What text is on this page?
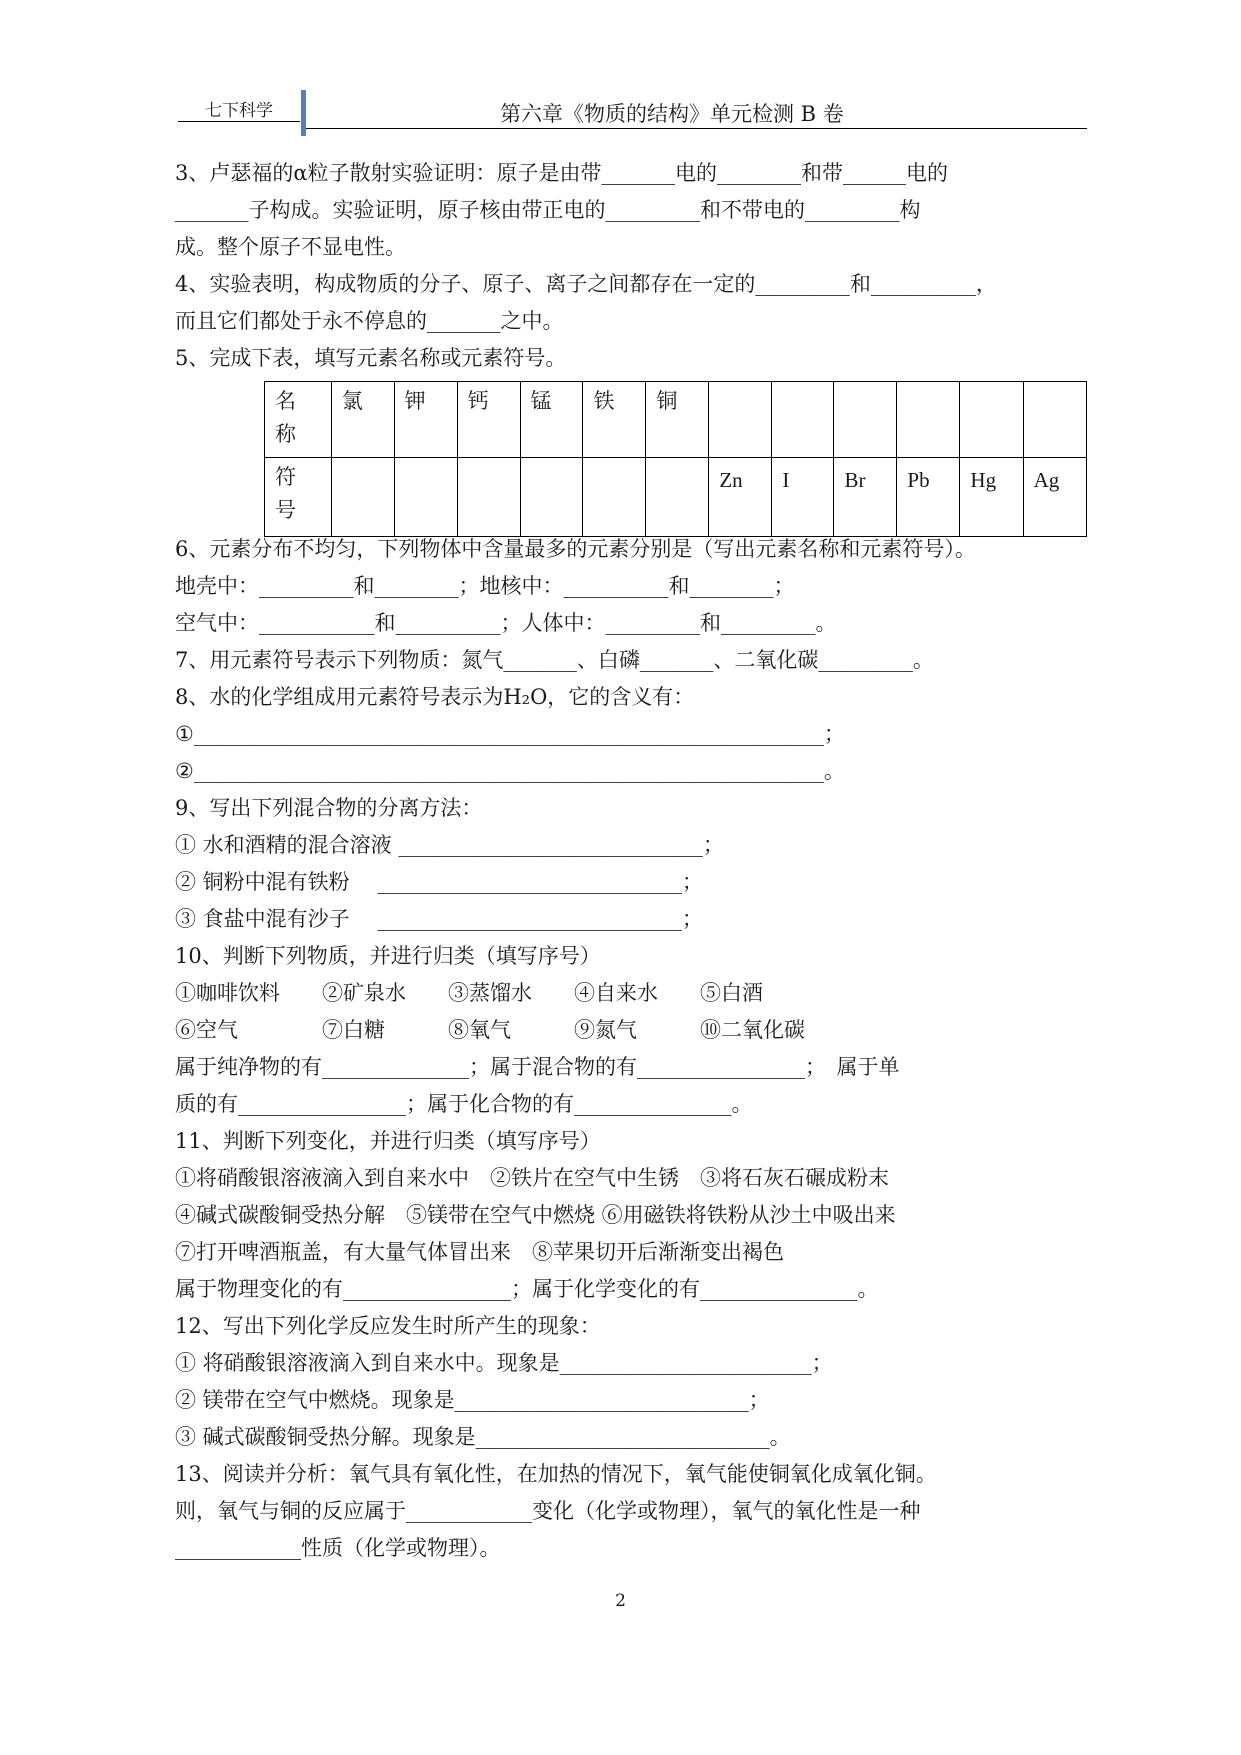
七下科学	第六章《物质的结构》单元检测 B 卷
3、卢瑟福的α粒子散射实验证明：原子是由带_______电的________和带______电的
_______子构成。实验证明，原子核由带正电的_________和不带电的_________构
成。整个原子不显电性。
4、实验表明，构成物质的分子、原子、离子之间都存在一定的_________和__________，
而且它们都处于永不停息的_______之中。
5、完成下表，填写元素名称或元素符号。
名
称	氯	钾	钙	锰	铁	铜						
符
号							Zn	I	Br	Pb	Hg	Ag
6、元素分布不均匀，下列物体中含量最多的元素分别是（写出元素名称和元素符号）。
地壳中：_________和________；地核中：__________和________；
空气中：___________和__________；人体中：_________和_________。
7、用元素符号表示下列物质：氮气_______、白磷_______、二氧化碳_________。
8、水的化学组成用元素符号表示为H₂O，它的含义有：
①____________________________________________________________；
②____________________________________________________________。
9、写出下列混合物的分离方法：
① 水和酒精的混合溶液 _____________________________；
② 铜粉中混有铁粉　 _____________________________；
③ 食盐中混有沙子　 _____________________________；
10、判断下列物质，并进行归类（填写序号）
①咖啡饮料　　②矿泉水　　③蒸馏水　　④自来水　　⑤白酒
⑥空气　　　　⑦白糖　　　⑧氧气　　　⑨氮气　　　⑩二氧化碳
属于纯净物的有______________；属于混合物的有________________；　属于单
质的有________________；属于化合物的有_______________。
11、判断下列变化，并进行归类（填写序号）
①将硝酸银溶液滴入到自来水中　②铁片在空气中生锈　③将石灰石碾成粉末
④碱式碳酸铜受热分解　⑤镁带在空气中燃烧 ⑥用磁铁将铁粉从沙土中吸出来
⑦打开啤酒瓶盖，有大量气体冒出来　⑧苹果切开后渐渐变出褐色
属于物理变化的有________________；属于化学变化的有_______________。
12、写出下列化学反应发生时所产生的现象：
① 将硝酸银溶液滴入到自来水中。现象是________________________；
② 镁带在空气中燃烧。现象是____________________________；
③ 碱式碳酸铜受热分解。现象是____________________________。
13、阅读并分析：氧气具有氧化性，在加热的情况下，氧气能使铜氧化成氧化铜。
则，氧气与铜的反应属于____________变化（化学或物理），氧气的氧化性是一种
____________性质（化学或物理）。
2
